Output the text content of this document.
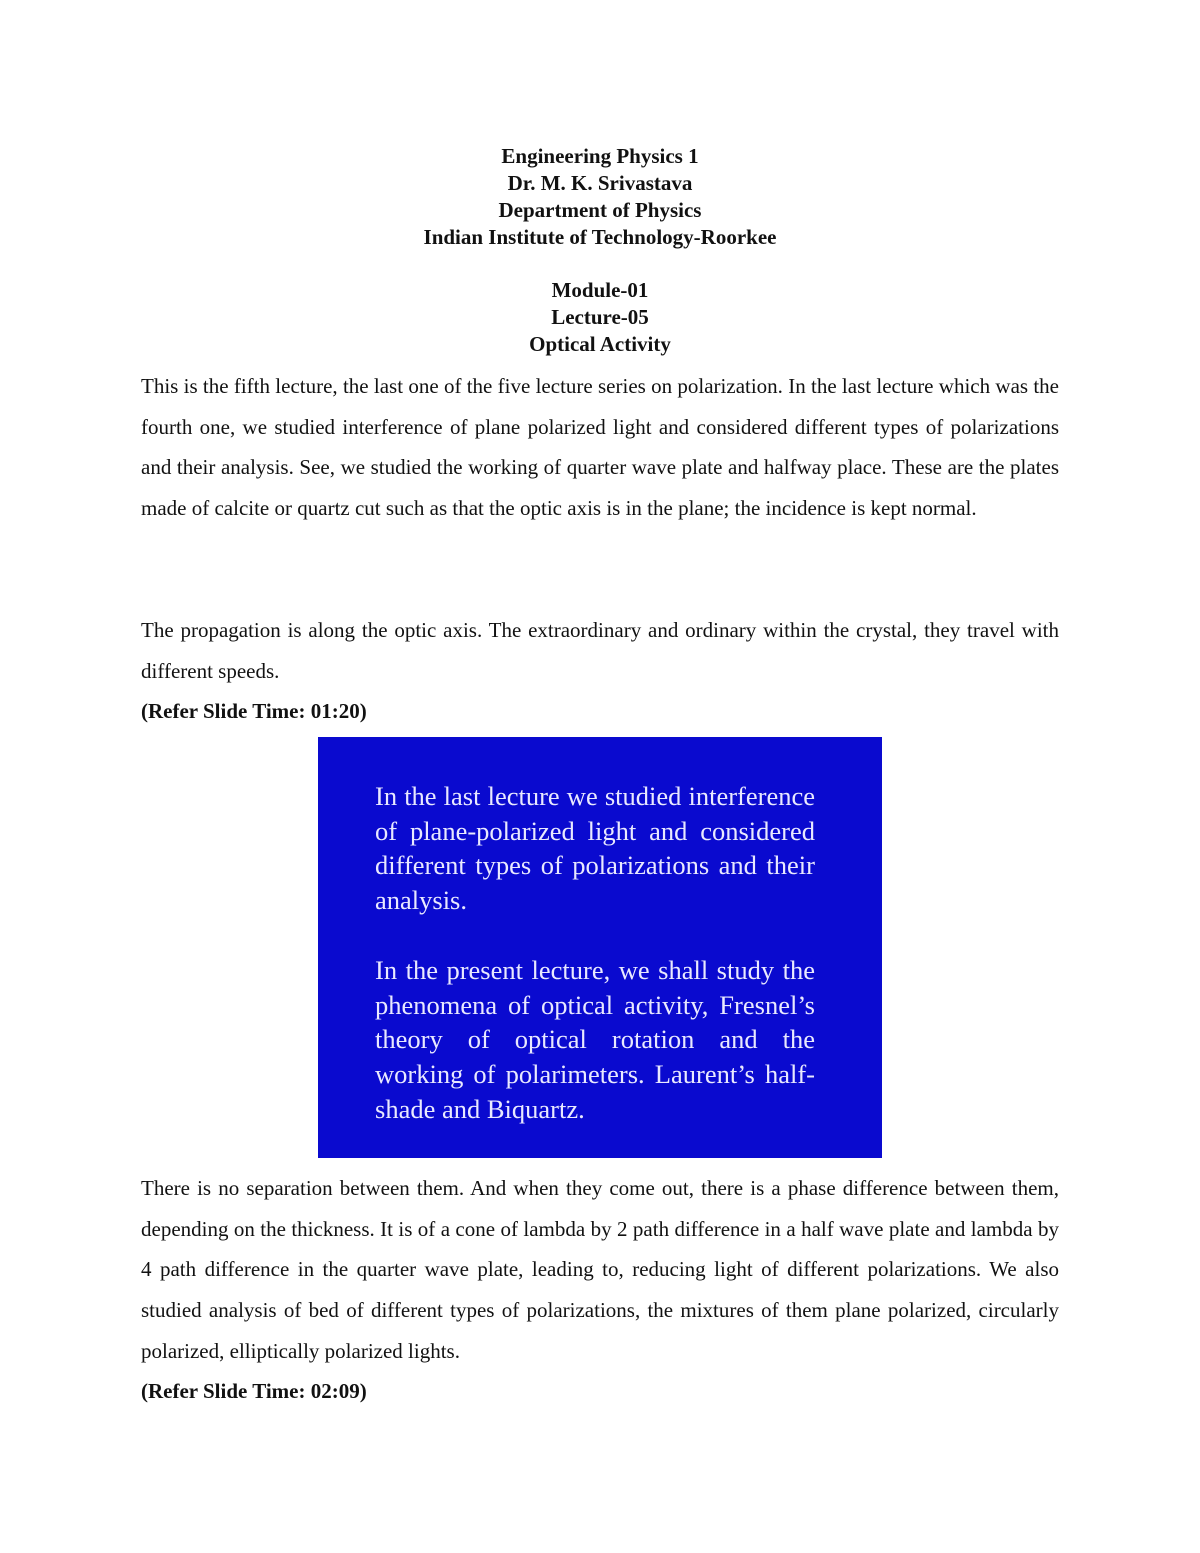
Engineering Physics 1
Dr. M. K. Srivastava
Department of Physics
Indian Institute of Technology-Roorkee
Module-01
Lecture-05
Optical Activity

This is the fifth lecture, the last one of the five lecture series on polarization. In the last lecture which was the fourth one, we studied interference of plane polarized light and considered different types of polarizations and their analysis. See, we studied the working of quarter wave plate and halfway place. These are the plates made of calcite or quartz cut such as that the optic axis is in the plane; the incidence is kept normal.

The propagation is along the optic axis. The extraordinary and ordinary within the crystal, they travel with different speeds.

(Refer Slide Time: 01:20)

In the last lecture we studied interference of plane-polarized light and considered different types of polarizations and their analysis.

In the present lecture, we shall study the phenomena of optical activity, Fresnel’s theory of optical rotation and the working of polarimeters. Laurent’s half- shade and Biquartz.

There is no separation between them. And when they come out, there is a phase difference between them, depending on the thickness. It is of a cone of lambda by 2 path difference in a half wave plate and lambda by 4 path difference in the quarter wave plate, leading to, reducing light of different polarizations. We also studied analysis of bed of different types of polarizations, the mixtures of them plane polarized, circularly polarized, elliptically polarized lights.

(Refer Slide Time: 02:09)
